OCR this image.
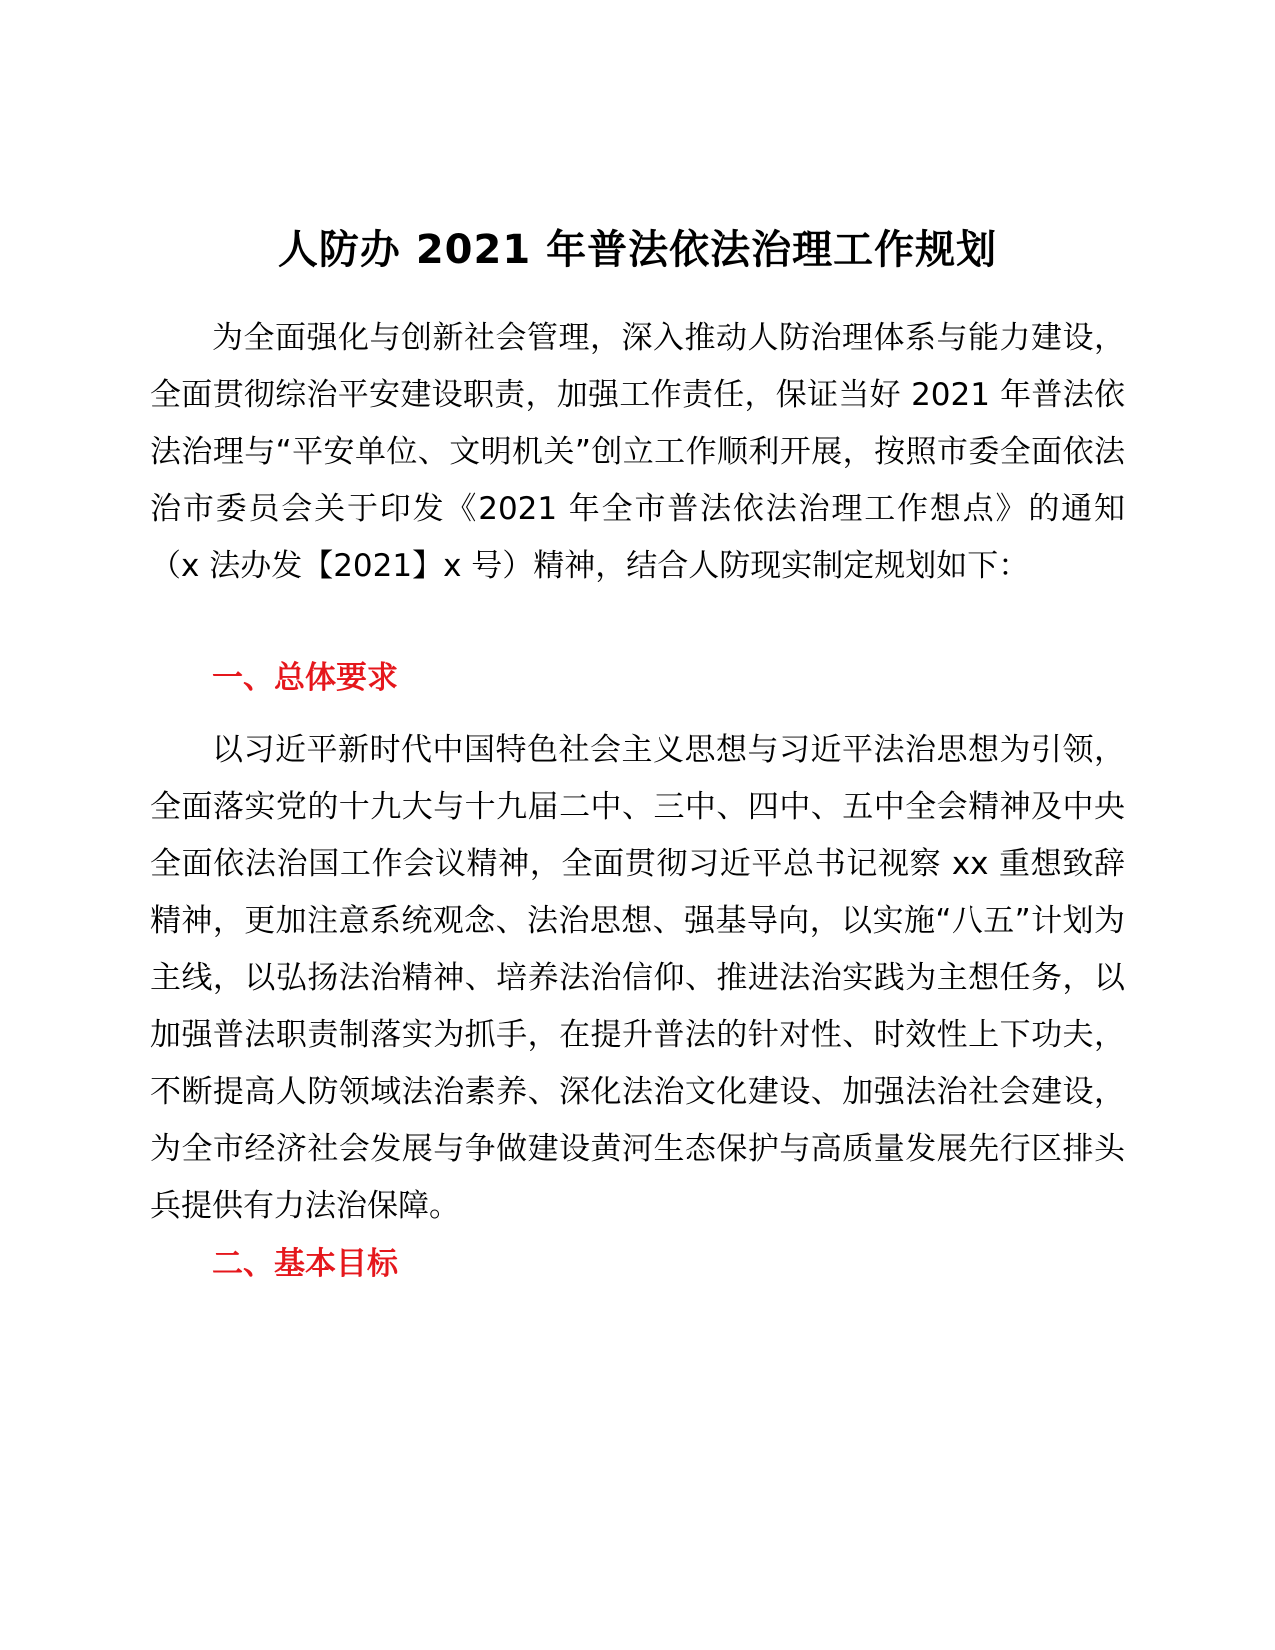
人防办 2021 年普法依法治理工作规划

为全面强化与创新社会管理，深入推动人防治理体系与能力建设，全面贯彻综治平安建设职责，加强工作责任，保证当好 2021 年普法依法治理与“平安单位、文明机关”创立工作顺利开展，按照市委全面依法治市委员会关于印发《2021 年全市普法依法治理工作想点》的通知（x 法办发【2021】x 号）精神，结合人防现实制定规划如下：

一、总体要求

以习近平新时代中国特色社会主义思想与习近平法治思想为引领，全面落实党的十九大与十九届二中、三中、四中、五中全会精神及中央全面依法治国工作会议精神，全面贯彻习近平总书记视察 xx 重想致辞精神，更加注意系统观念、法治思想、强基导向，以实施“八五”计划为主线，以弘扬法治精神、培养法治信仰、推进法治实践为主想任务，以加强普法职责制落实为抓手，在提升普法的针对性、时效性上下功夫，不断提高人防领域法治素养、深化法治文化建设、加强法治社会建设，为全市经济社会发展与争做建设黄河生态保护与高质量发展先行区排头兵提供有力法治保障。

二、基本目标
